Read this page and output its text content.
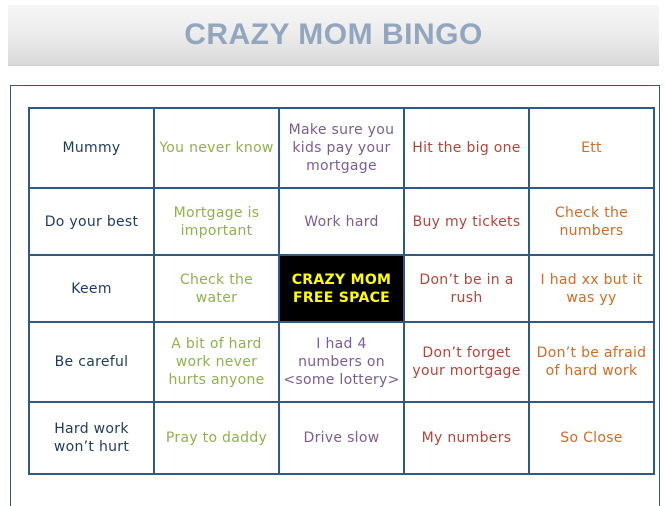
CRAZY MOM BINGO
Mummy	You never know	Make sure you kids pay your mortgage	Hit the big one	Ett
Do your best	Mortgage is important	Work hard	Buy my tickets	Check the numbers
Keem	Check the water	CRAZY MOM FREE SPACE	Don’t be in a rush	I had xx but it was yy
Be careful	A bit of hard work never hurts anyone	I had 4 numbers on <some lottery>	Don’t forget your mortgage	Don’t be afraid of hard work
Hard work won’t hurt	Pray to daddy	Drive slow	My numbers	So Close
